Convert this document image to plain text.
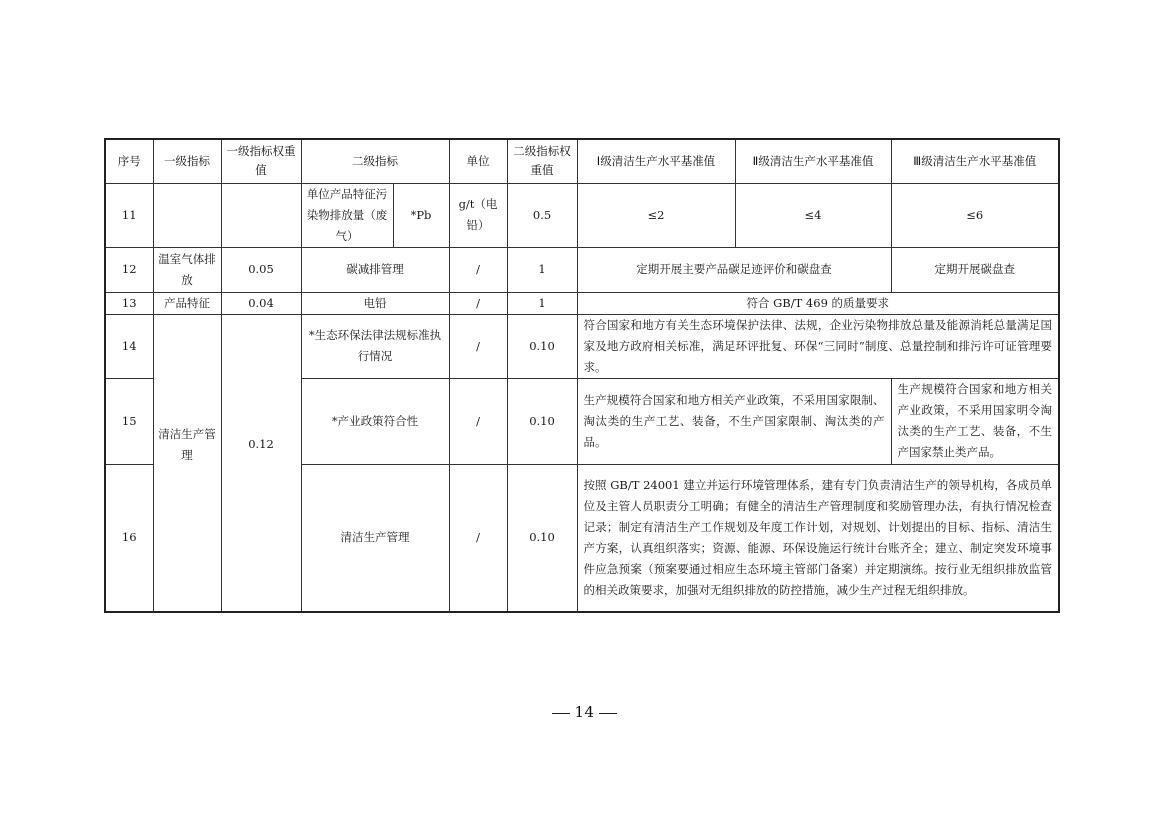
序号	一级指标	一级指标权重值	二级指标		单位	二级指标权重值	Ⅰ级清洁生产水平基准值	Ⅱ级清洁生产水平基准值	Ⅲ级清洁生产水平基准值
11			单位产品特征污染物排放量（废气）	*Pb	g/t（电铅）	0.5	≤2	≤4	≤6
12	温室气体排放	0.05	碳减排管理		/	1	定期开展主要产品碳足迹评价和碳盘查		定期开展碳盘查
13	产品特征	0.04	电铅		/	1	符合 GB/T 469 的质量要求		
14	清洁生产管理	0.12	*生态环保法律法规标准执行情况		/	0.10	符合国家和地方有关生态环境保护法律、法规，企业污染物排放总量及能源消耗总量满足国家及地方政府相关标准，满足环评批复、环保“三同时”制度、总量控制和排污许可证管理要求。		
15			*产业政策符合性		/	0.10	生产规模符合国家和地方相关产业政策，不采用国家限制、淘汰类的生产工艺、装备，不生产国家限制、淘汰类的产品。		生产规模符合国家和地方相关产业政策，不采用国家明令淘汰类的生产工艺、装备，不生产国家禁止类产品。
16			清洁生产管理		/	0.10	按照 GB/T 24001 建立并运行环境管理体系，建有专门负责清洁生产的领导机构，各成员单位及主管人员职责分工明确；有健全的清洁生产管理制度和奖励管理办法，有执行情况检查记录；制定有清洁生产工作规划及年度工作计划，对规划、计划提出的目标、指标、清洁生产方案，认真组织落实；资源、能源、环保设施运行统计台账齐全；建立、制定突发环境事件应急预案（预案要通过相应生态环境主管部门备案）并定期演练。按行业无组织排放监管的相关政策要求，加强对无组织排放的防控措施，减少生产过程无组织排放。		
14
